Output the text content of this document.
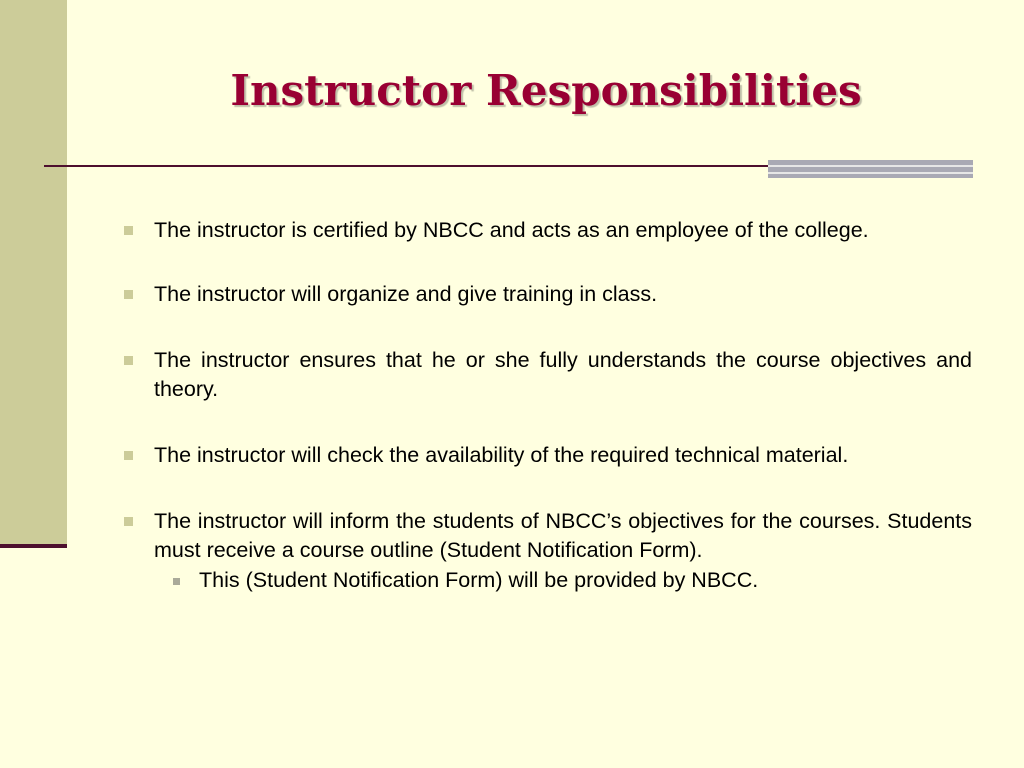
Instructor Responsibilities
The instructor is certified by NBCC and acts as an employee of the college.
The instructor will organize and give training in class.
The instructor ensures that he or she fully understands the course objectives and theory.
The instructor will check the availability of the required technical material.
The instructor will inform the students of NBCC’s objectives for the courses. Students must receive a course outline (Student Notification Form).
This (Student Notification Form) will be provided by NBCC.
